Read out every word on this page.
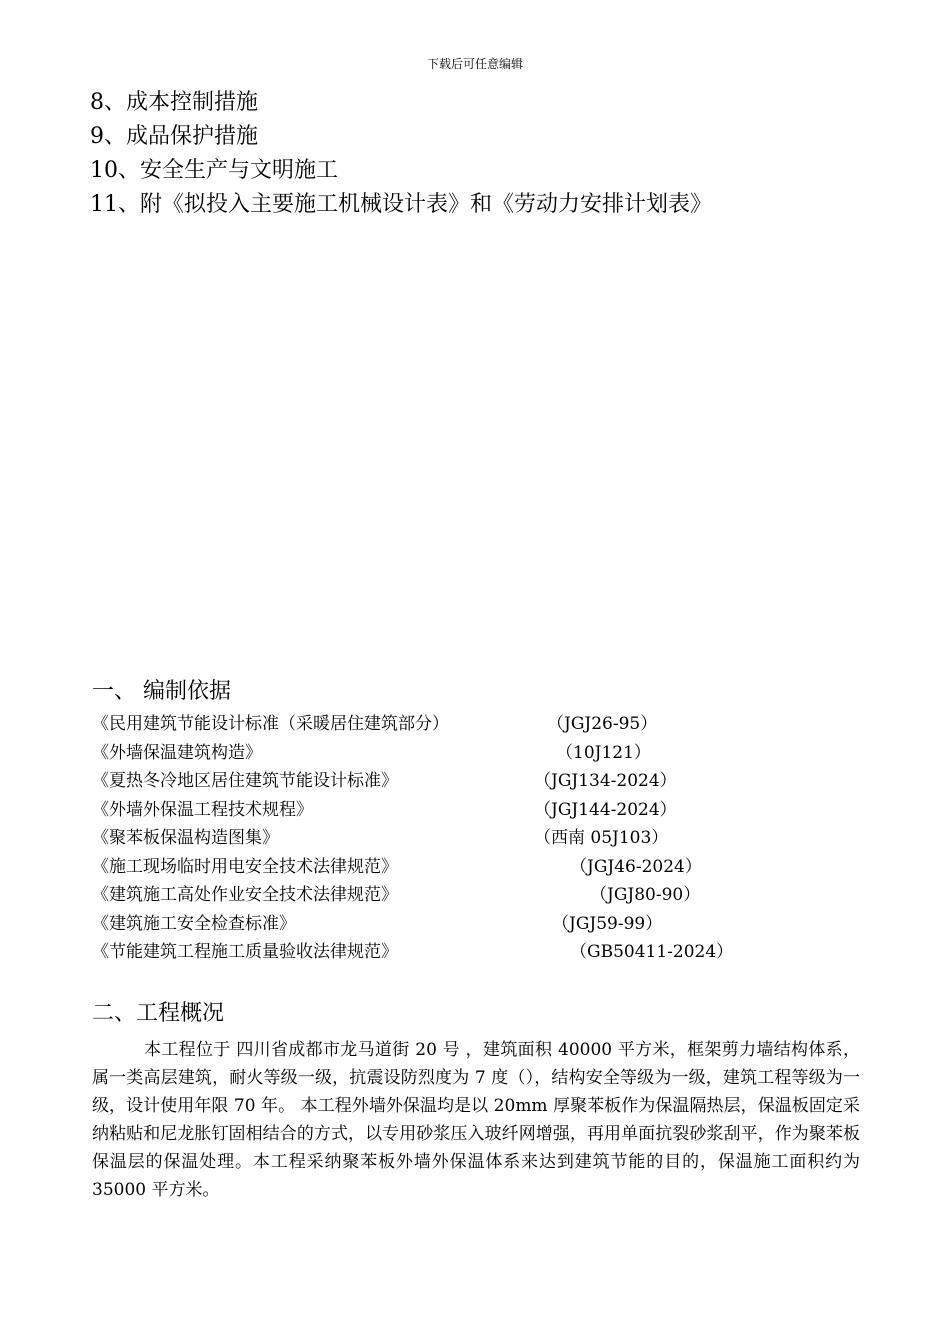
下载后可任意编辑
8、成本控制措施
9、成品保护措施
10、安全生产与文明施工
11、附《拟投入主要施工机械设计表》和《劳动力安排计划表》
一、 编制依据
《民用建筑节能设计标准（采暖居住建筑部分）	（JGJ26-95）
《外墙保温建筑构造》	（10J121）
《夏热冬冷地区居住建筑节能设计标准》	（JGJ134-2024）
《外墙外保温工程技术规程》	（JGJ144-2024）
《聚苯板保温构造图集》	（西南 05J103）
《施工现场临时用电安全技术法律规范》	（JGJ46-2024）
《建筑施工高处作业安全技术法律规范》	（JGJ80-90）
《建筑施工安全检查标准》	（JGJ59-99）
《节能建筑工程施工质量验收法律规范》	（GB50411-2024）
二、工程概况

本工程位于 四川省成都市龙马道街 20 号 ，建筑面积 40000 平方米，框架剪力墙结构体系，属一类高层建筑，耐火等级一级，抗震设防烈度为 7 度（），结构安全等级为一级，建筑工程等级为一级，设计使用年限 70 年。 本工程外墙外保温均是以 20mm 厚聚苯板作为保温隔热层，保温板固定采纳粘贴和尼龙胀钉固相结合的方式，以专用砂浆压入玻纤网增强，再用单面抗裂砂浆刮平，作为聚苯板保温层的保温处理。本工程采纳聚苯板外墙外保温体系来达到建筑节能的目的，保温施工面积约为 35000 平方米。
